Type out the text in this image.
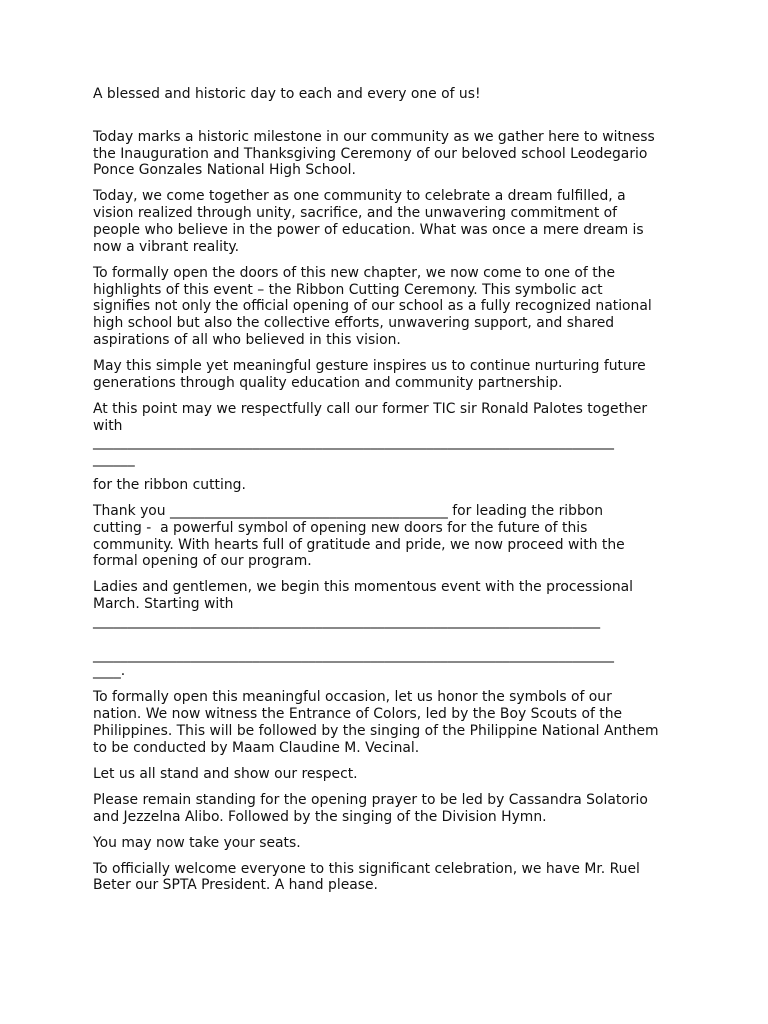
A blessed and historic day to each and every one of us!

Today marks a historic milestone in our community as we gather here to witness
the Inauguration and Thanksgiving Ceremony of our beloved school Leodegario
Ponce Gonzales National High School.

Today, we come together as one community to celebrate a dream fulfilled, a
vision realized through unity, sacrifice, and the unwavering commitment of
people who believe in the power of education. What was once a mere dream is
now a vibrant reality.

To formally open the doors of this new chapter, we now come to one of the
highlights of this event – the Ribbon Cutting Ceremony. This symbolic act
signifies not only the official opening of our school as a fully recognized national
high school but also the collective efforts, unwavering support, and shared
aspirations of all who believed in this vision.

May this simple yet meaningful gesture inspires us to continue nurturing future
generations through quality education and community partnership.

At this point may we respectfully call our former TIC sir Ronald Palotes together
with
___________________________________________________________________________
______

for the ribbon cutting.

Thank you ________________________________________ for leading the ribbon
cutting -  a powerful symbol of opening new doors for the future of this
community. With hearts full of gratitude and pride, we now proceed with the
formal opening of our program.

Ladies and gentlemen, we begin this momentous event with the processional
March. Starting with
_________________________________________________________________________

___________________________________________________________________________
____.

To formally open this meaningful occasion, let us honor the symbols of our
nation. We now witness the Entrance of Colors, led by the Boy Scouts of the
Philippines. This will be followed by the singing of the Philippine National Anthem
to be conducted by Maam Claudine M. Vecinal.

Let us all stand and show our respect.

Please remain standing for the opening prayer to be led by Cassandra Solatorio
and Jezzelna Alibo. Followed by the singing of the Division Hymn.

You may now take your seats.

To officially welcome everyone to this significant celebration, we have Mr. Ruel
Beter our SPTA President. A hand please.
